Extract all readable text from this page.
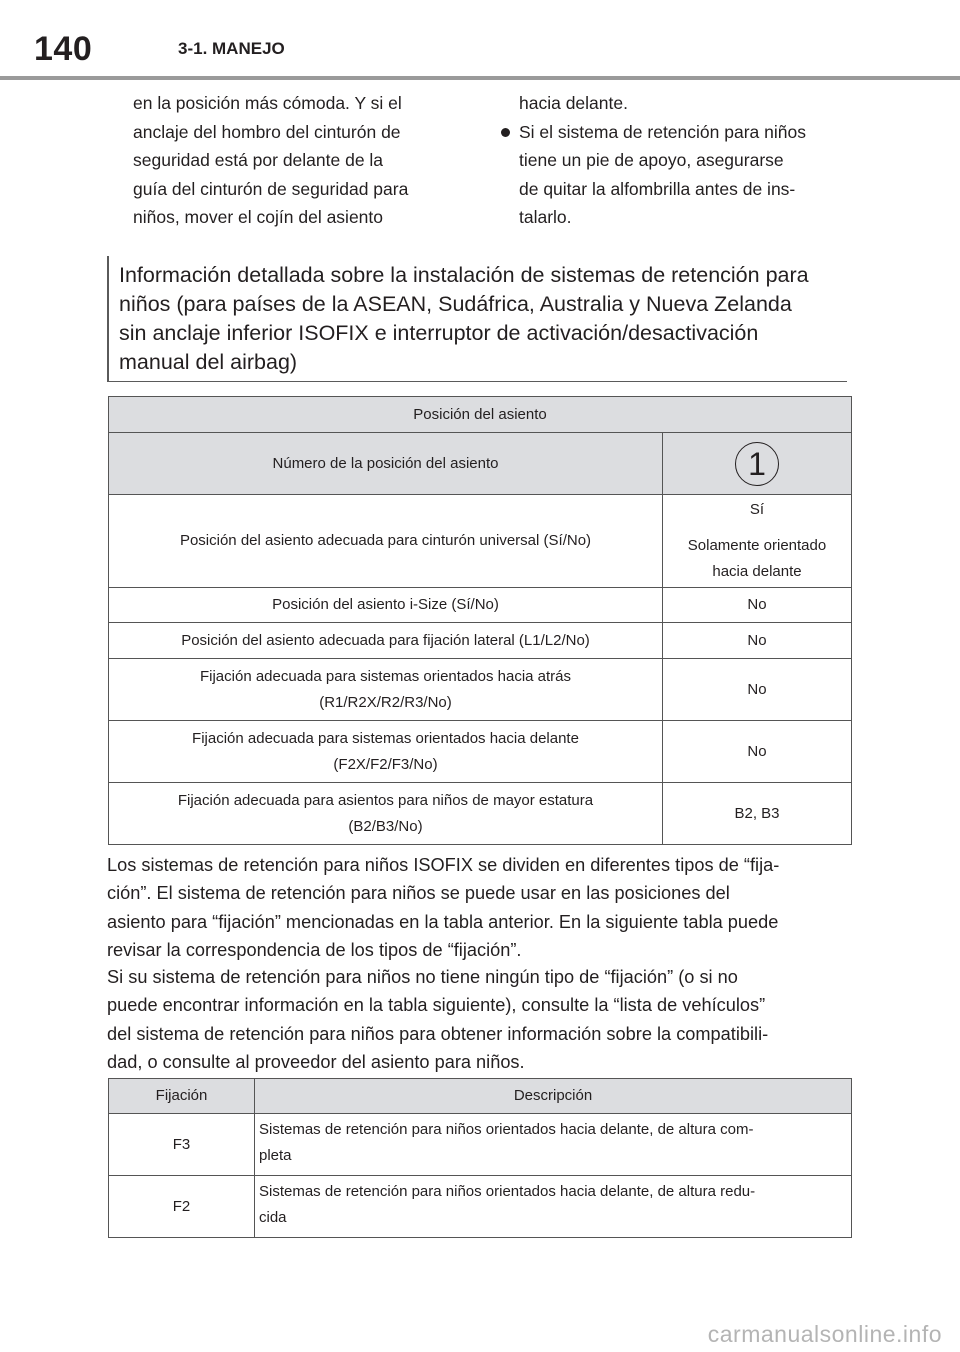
140	3-1. MANEJO
en la posición más cómoda. Y si el
anclaje del hombro del cinturón de
seguridad está por delante de la
guía del cinturón de seguridad para
niños, mover el cojín del asiento
hacia delante.
Si el sistema de retención para niños
tiene un pie de apoyo, asegurarse
de quitar la alfombrilla antes de ins-
talarlo.
Información detallada sobre la instalación de sistemas de retención para
niños (para países de la ASEAN, Sudáfrica, Australia y Nueva Zelanda
sin anclaje inferior ISOFIX e interruptor de activación/desactivación
manual del airbag)
Posición del asiento	
Número de la posición del asiento	1
Posición del asiento adecuada para cinturón universal (Sí/No)	Sí
Solamente orientado
hacia delante

Posición del asiento i-Size (Sí/No)	No
Posición del asiento adecuada para fijación lateral (L1/L2/No)	No

Fijación adecuada para sistemas orientados hacia atrás
(R1/R2X/R2/R3/No)	No

Fijación adecuada para sistemas orientados hacia delante
(F2X/F2/F3/No)	No

Fijación adecuada para asientos para niños de mayor estatura
(B2/B3/No)	B2, B3
Los sistemas de retención para niños ISOFIX se dividen en diferentes tipos de “fija-
ción”. El sistema de retención para niños se puede usar en las posiciones del
asiento para “fijación” mencionadas en la tabla anterior. En la siguiente tabla puede
revisar la correspondencia de los tipos de “fijación”.
Si su sistema de retención para niños no tiene ningún tipo de “fijación” (o si no
puede encontrar información en la tabla siguiente), consulte la “lista de vehículos”
del sistema de retención para niños para obtener información sobre la compatibili-
dad, o consulte al proveedor del asiento para niños.
Fijación	Descripción
F3	Sistemas de retención para niños orientados hacia delante, de altura com-
pleta

F2	Sistemas de retención para niños orientados hacia delante, de altura redu-
cida
carmanualsonline.info
